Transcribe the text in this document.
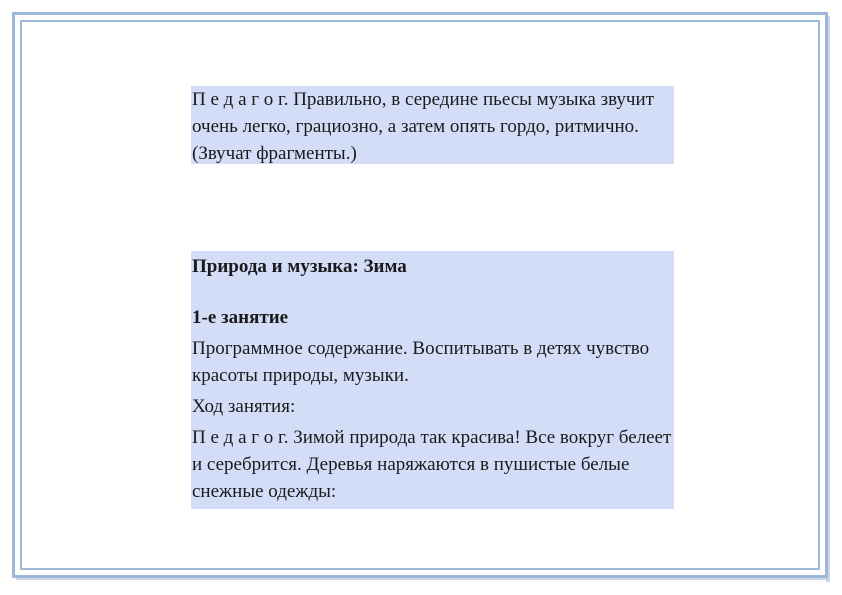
П е д а г о г. Правильно, в середине пьесы музыка звучит очень легко, грациозно, а затем опять гордо, ритмично. (Звучат фрагменты.)

Природа и музыка: Зима

1-е занятие

Программное содержание. Воспитывать в детях чувство красоты природы, музыки.

Ход занятия:

П е д а г о г. Зимой природа так красива! Все вокруг белеет и серебрится. Деревья наряжаются в пушистые белые снежные одежды:
